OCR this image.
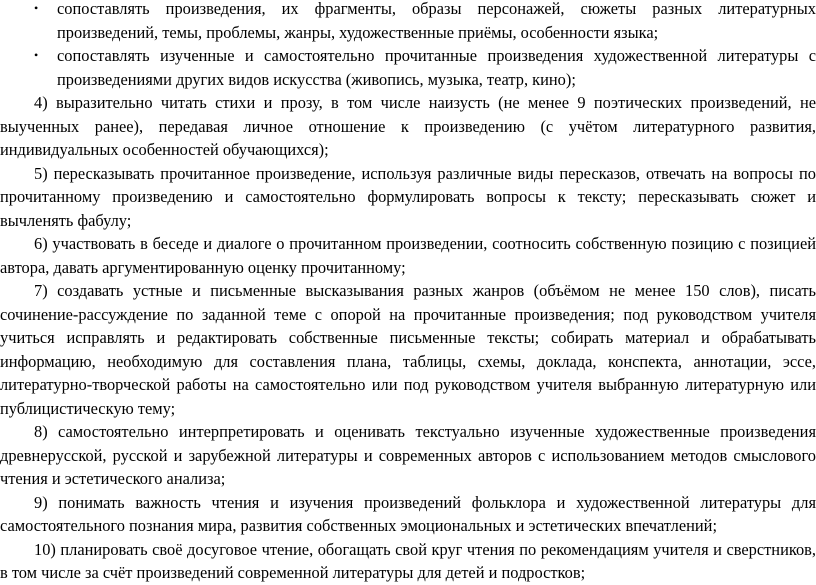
• сопоставлять произведения, их фрагменты, образы персонажей, сюжеты разных литературных произведений, темы, проблемы, жанры, художественные приёмы, особенности языка;
• сопоставлять изученные и самостоятельно прочитанные произведения художественной литературы с произведениями других видов искусства (живопись, музыка, театр, кино);

4) выразительно читать стихи и прозу, в том числе наизусть (не менее 9 поэтических произведений, не выученных ранее), передавая личное отношение к произведению (с учётом литературного развития, индивидуальных особенностей обучающихся);

5) пересказывать прочитанное произведение, используя различные виды пересказов, отвечать на вопросы по прочитанному произведению и самостоятельно формулировать вопросы к тексту; пересказывать сюжет и вычленять фабулу;

6) участвовать в беседе и диалоге о прочитанном произведении, соотносить собственную позицию с позицией автора, давать аргументированную оценку прочитанному;

7) создавать устные и письменные высказывания разных жанров (объёмом не менее 150 слов), писать сочинение-рассуждение по заданной теме с опорой на прочитанные произведения; под руководством учителя учиться исправлять и редактировать собственные письменные тексты; собирать материал и обрабатывать информацию, необходимую для составления плана, таблицы, схемы, доклада, конспекта, аннотации, эссе, литературно-творческой работы на самостоятельно или под руководством учителя выбранную литературную или публицистическую тему;

8) самостоятельно интерпретировать и оценивать текстуально изученные художественные произведения древнерусской, русской и зарубежной литературы и современных авторов с использованием методов смыслового чтения и эстетического анализа;

9) понимать важность чтения и изучения произведений фольклора и художественной литературы для самостоятельного познания мира, развития собственных эмоциональных и эстетических впечатлений;

10) планировать своё досуговое чтение, обогащать свой круг чтения по рекомендациям учителя и сверстников, в том числе за счёт произведений современной литературы для детей и подростков;
